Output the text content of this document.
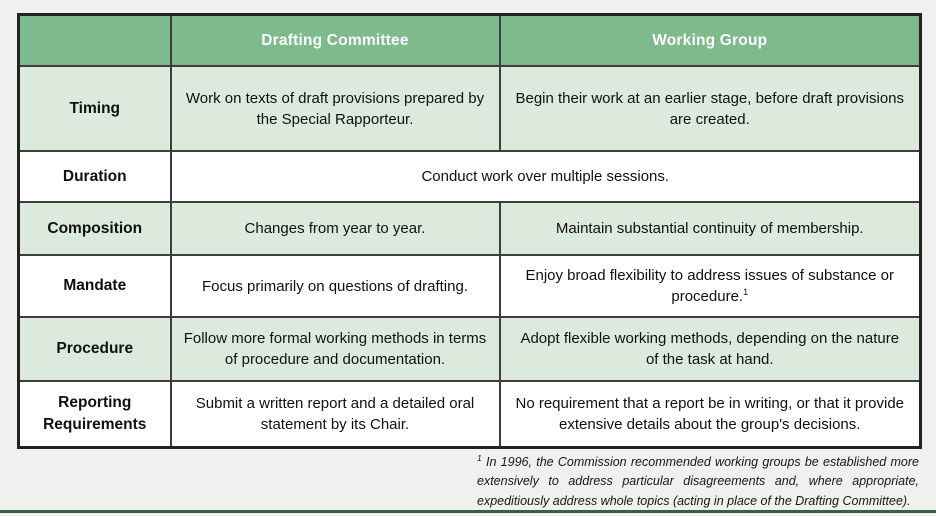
	Drafting Committee	Working Group
Timing	Work on texts of draft provisions prepared by the Special Rapporteur.	Begin their work at an earlier stage, before draft provisions are created.
Duration	Conduct work over multiple sessions.	
Composition	Changes from year to year.	Maintain substantial continuity of membership.
Mandate	Focus primarily on questions of drafting.	Enjoy broad flexibility to address issues of substance or procedure.$^1$
Procedure	Follow more formal working methods in terms of procedure and documentation.	Adopt flexible working methods, depending on the nature of the task at hand.
Reporting Requirements	Submit a written report and a detailed oral statement by its Chair.	No requirement that a report be in writing, or that it provide extensive details about the group's decisions.
$^1$ In 1996, the Commission recommended working groups be established more extensively to address particular disagreements and, where appropriate, expeditiously address whole topics (acting in place of the Drafting Committee).
